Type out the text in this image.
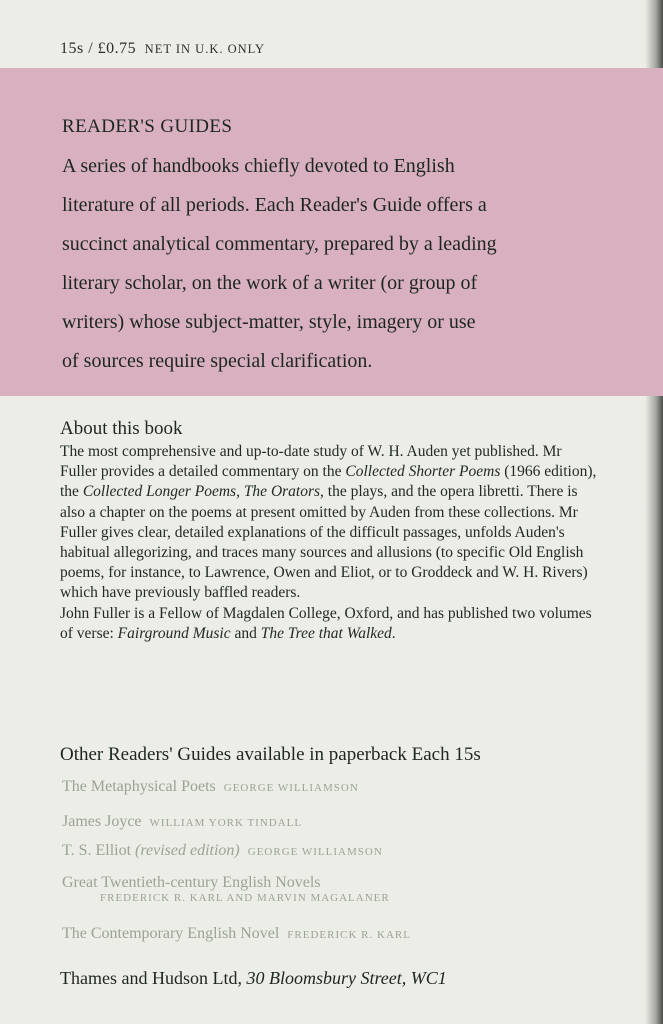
15s / £0.75 NET IN U.K. ONLY
READER'S GUIDES
A series of handbooks chiefly devoted to English
literature of all periods. Each Reader's Guide offers a
succinct analytical commentary, prepared by a leading
literary scholar, on the work of a writer (or group of
writers) whose subject-matter, style, imagery or use
of sources require special clarification.
About this book

The most comprehensive and up-to-date study of W. H. Auden yet published. Mr Fuller provides a detailed commentary on the Collected Shorter Poems (1966 edition), the Collected Longer Poems, The Orators, the plays, and the opera libretti. There is also a chapter on the poems at present omitted by Auden from these collections. Mr Fuller gives clear, detailed explanations of the difficult passages, unfolds Auden's habitual allegorizing, and traces many sources and allusions (to specific Old English poems, for instance, to Lawrence, Owen and Eliot, or to Groddeck and W. H. Rivers) which have previously baffled readers.

John Fuller is a Fellow of Magdalen College, Oxford, and has published two volumes of verse: Fairground Music and The Tree that Walked.

Other Readers' Guides available in paperback Each 15s
The Metaphysical Poets GEORGE WILLIAMSON
James Joyce WILLIAM YORK TINDALL
T. S. Elliot (revised edition) GEORGE WILLIAMSON
Great Twentieth-century English Novels
FREDERICK R. KARL AND MARVIN MAGALANER
The Contemporary English Novel FREDERICK R. KARL
Thames and Hudson Ltd, 30 Bloomsbury Street, WC1
